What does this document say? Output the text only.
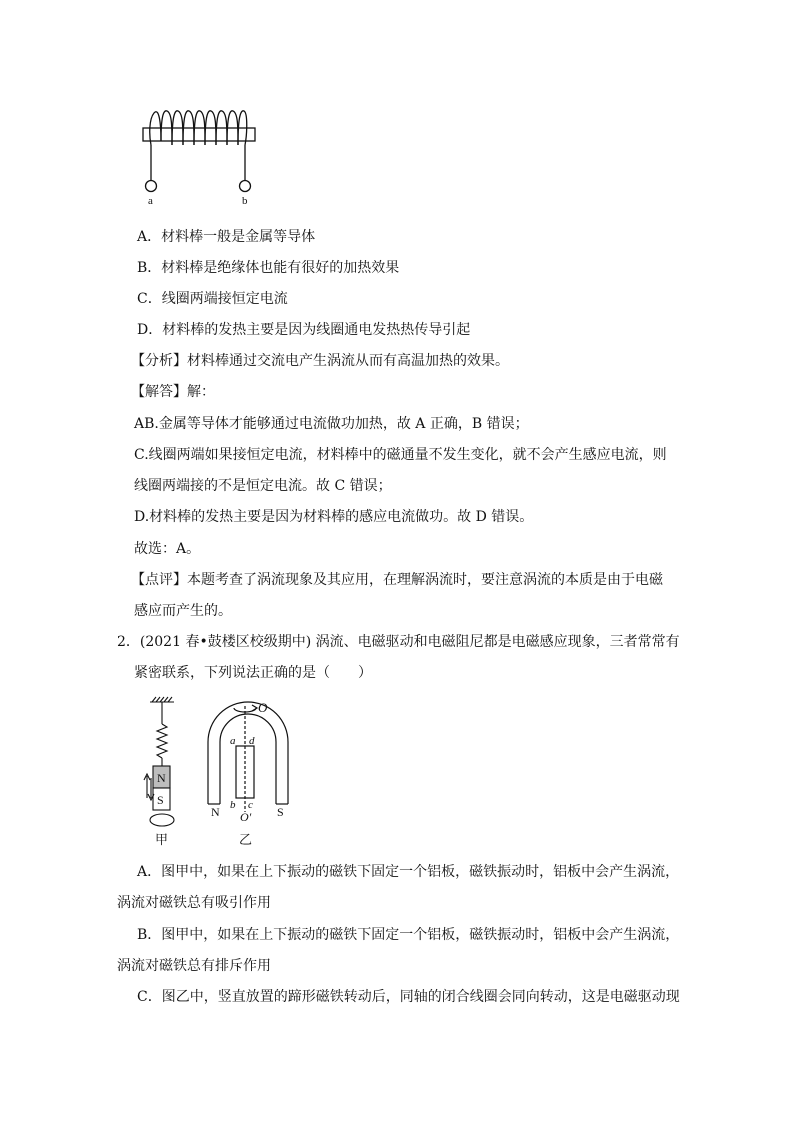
a	b
A．材料棒一般是金属等导体
B．材料棒是绝缘体也能有很好的加热效果
C．线圈两端接恒定电流
D．材料棒的发热主要是因为线圈通电发热热传导引起
【分析】材料棒通过交流电产生涡流从而有高温加热的效果。
【解答】解：
AB.金属等导体才能够通过电流做功加热，故 A 正确，B 错误；
C.线圈两端如果接恒定电流，材料棒中的磁通量不发生变化，就不会产生感应电流，则
线圈两端接的不是恒定电流。故 C 错误；
D.材料棒的发热主要是因为材料棒的感应电流做功。故 D 错误。
故选：A。
【点评】本题考查了涡流现象及其应用，在理解涡流时，要注意涡流的本质是由于电磁
感应而产生的。
2．(2021 春•鼓楼区校级期中) 涡流、电磁驱动和电磁阻尼都是电磁感应现象，三者常常有
紧密联系，下列说法正确的是（　　）
N
S
甲
O
a d
b c
O′
N	S
乙
A．图甲中，如果在上下振动的磁铁下固定一个铝板，磁铁振动时，铝板中会产生涡流，
涡流对磁铁总有吸引作用
B．图甲中，如果在上下振动的磁铁下固定一个铝板，磁铁振动时，铝板中会产生涡流，
涡流对磁铁总有排斥作用
C．图乙中，竖直放置的蹄形磁铁转动后，同轴的闭合线圈会同向转动，这是电磁驱动现
